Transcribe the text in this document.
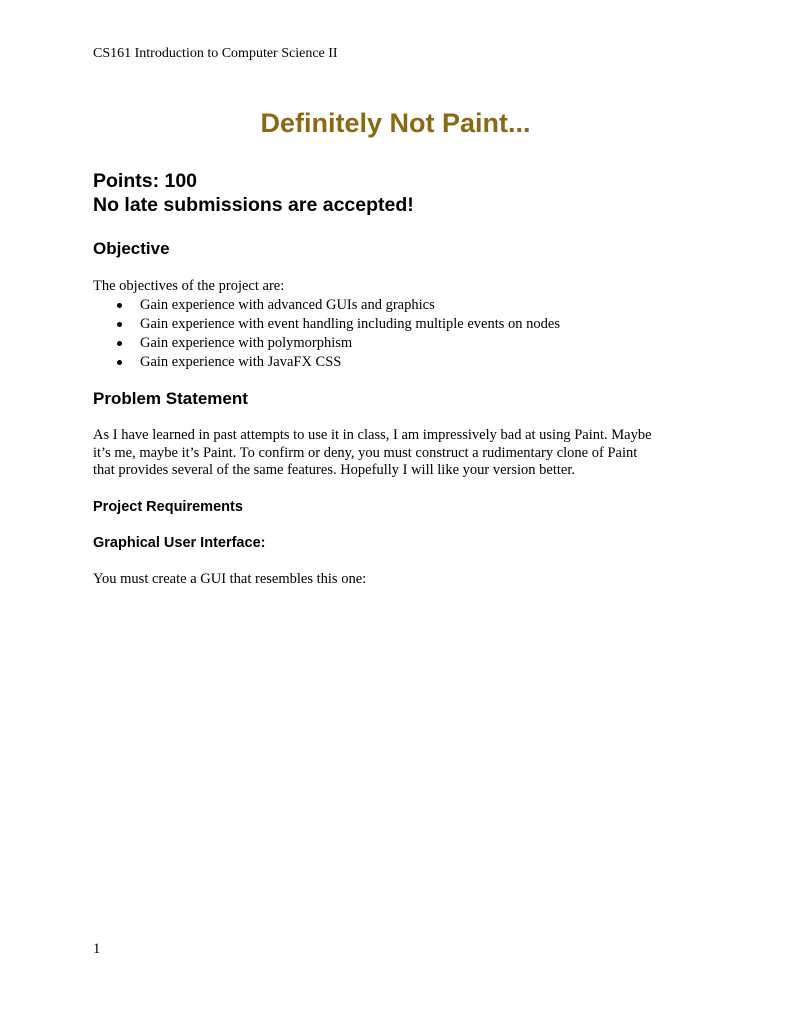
CS161 Introduction to Computer Science II
Definitely Not Paint...
Points: 100
No late submissions are accepted!
Objective
The objectives of the project are:
Gain experience with advanced GUIs and graphics
Gain experience with event handling including multiple events on nodes
Gain experience with polymorphism
Gain experience with JavaFX CSS
Problem Statement
As I have learned in past attempts to use it in class, I am impressively bad at using Paint. Maybe
it’s me, maybe it’s Paint. To confirm or deny, you must construct a rudimentary clone of Paint
that provides several of the same features. Hopefully I will like your version better.
Project Requirements
Graphical User Interface:
You must create a GUI that resembles this one:
1
